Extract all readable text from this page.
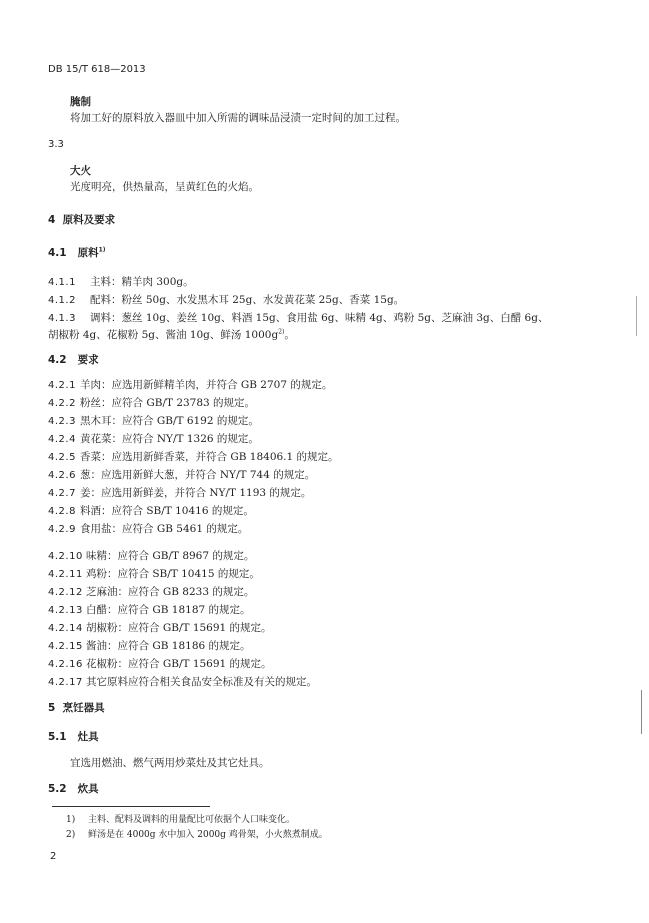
DB 15/T 618—2013
腌制
将加工好的原料放入器皿中加入所需的调味品浸渍一定时间的加工过程。
3.3
大火
光度明亮，供热量高，呈黄红色的火焰。
4 原料及要求
4.1 原料$^{1)}$
4.1.1 主料：精羊肉 300g。
4.1.2 配料：粉丝 50g、水发黑木耳 25g、水发黄花菜 25g、香菜 15g。
4.1.3 调料：葱丝 10g、姜丝 10g、料酒 15g、食用盐 6g、味精 4g、鸡粉 5g、芝麻油 3g、白醋 6g、
胡椒粉 4g、花椒粉 5g、酱油 10g、鲜汤 $1000g^{2)}$。
4.2 要求
4.2.1 羊肉：应选用新鲜精羊肉，并符合 GB 2707 的规定。
4.2.2 粉丝：应符合 GB/T 23783 的规定。
4.2.3 黑木耳：应符合 GB/T 6192 的规定。
4.2.4 黄花菜：应符合 NY/T 1326 的规定。
4.2.5 香菜：应选用新鲜香菜，并符合 GB 18406.1 的规定。
4.2.6 葱：应选用新鲜大葱，并符合 NY/T 744 的规定。
4.2.7 姜：应选用新鲜姜，并符合 NY/T 1193 的规定。
4.2.8 料酒：应符合 SB/T 10416 的规定。
4.2.9 食用盐：应符合 GB 5461 的规定。
4.2.10 味精：应符合 GB/T 8967 的规定。
4.2.11 鸡粉：应符合 SB/T 10415 的规定。
4.2.12 芝麻油：应符合 GB 8233 的规定。
4.2.13 白醋：应符合 GB 18187 的规定。
4.2.14 胡椒粉：应符合 GB/T 15691 的规定。
4.2.15 酱油：应符合 GB 18186 的规定。
4.2.16 花椒粉：应符合 GB/T 15691 的规定。
4.2.17 其它原料应符合相关食品安全标准及有关的规定。
5 烹饪器具
5.1 灶具
宜选用燃油、燃气两用炒菜灶及其它灶具。
5.2 炊具
1) 主料、配料及调料的用量配比可依据个人口味变化。
2) 鲜汤是在 4000g 水中加入 2000g 鸡骨架，小火熬煮制成。
2
